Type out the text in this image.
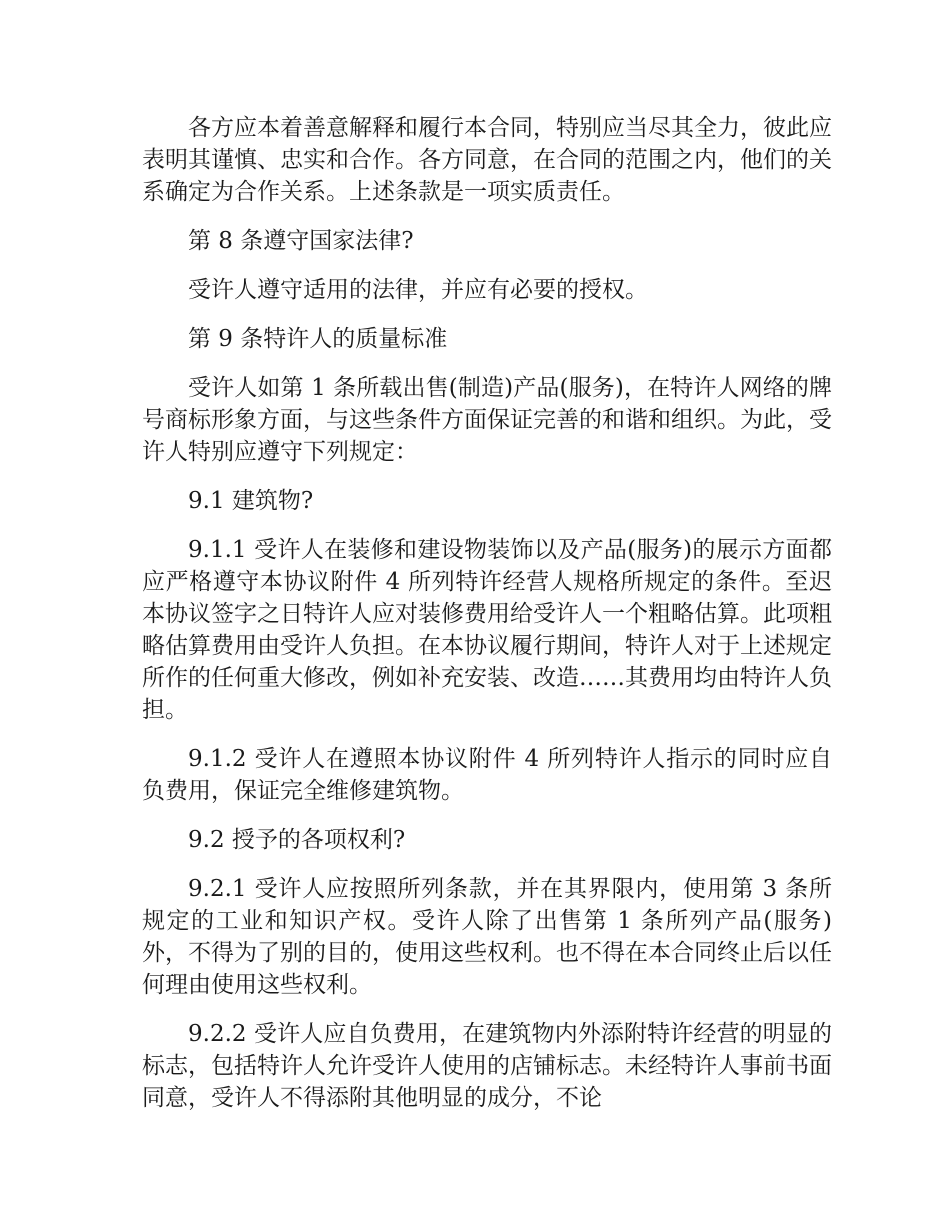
各方应本着善意解释和履行本合同，特别应当尽其全力，彼此应表明其谨慎、忠实和合作。各方同意，在合同的范围之内，他们的关系确定为合作关系。上述条款是一项实质责任。

第 8 条遵守国家法律?

受许人遵守适用的法律，并应有必要的授权。

第 9 条特许人的质量标准

受许人如第 1 条所载出售(制造)产品(服务)，在特许人网络的牌号商标形象方面，与这些条件方面保证完善的和谐和组织。为此，受许人特别应遵守下列规定：

9.1 建筑物?

9.1.1 受许人在装修和建设物装饰以及产品(服务)的展示方面都应严格遵守本协议附件 4 所列特许经营人规格所规定的条件。至迟本协议签字之日特许人应对装修费用给受许人一个粗略估算。此项粗略估算费用由受许人负担。在本协议履行期间，特许人对于上述规定所作的任何重大修改，例如补充安装、改造……其费用均由特许人负担。

9.1.2 受许人在遵照本协议附件 4 所列特许人指示的同时应自负费用，保证完全维修建筑物。

9.2 授予的各项权利?

9.2.1 受许人应按照所列条款，并在其界限内，使用第 3 条所规定的工业和知识产权。受许人除了出售第 1 条所列产品(服务)外，不得为了别的目的，使用这些权利。也不得在本合同终止后以任何理由使用这些权利。

9.2.2 受许人应自负费用，在建筑物内外添附特许经营的明显的标志，包括特许人允许受许人使用的店铺标志。未经特许人事前书面同意，受许人不得添附其他明显的成分，不论
